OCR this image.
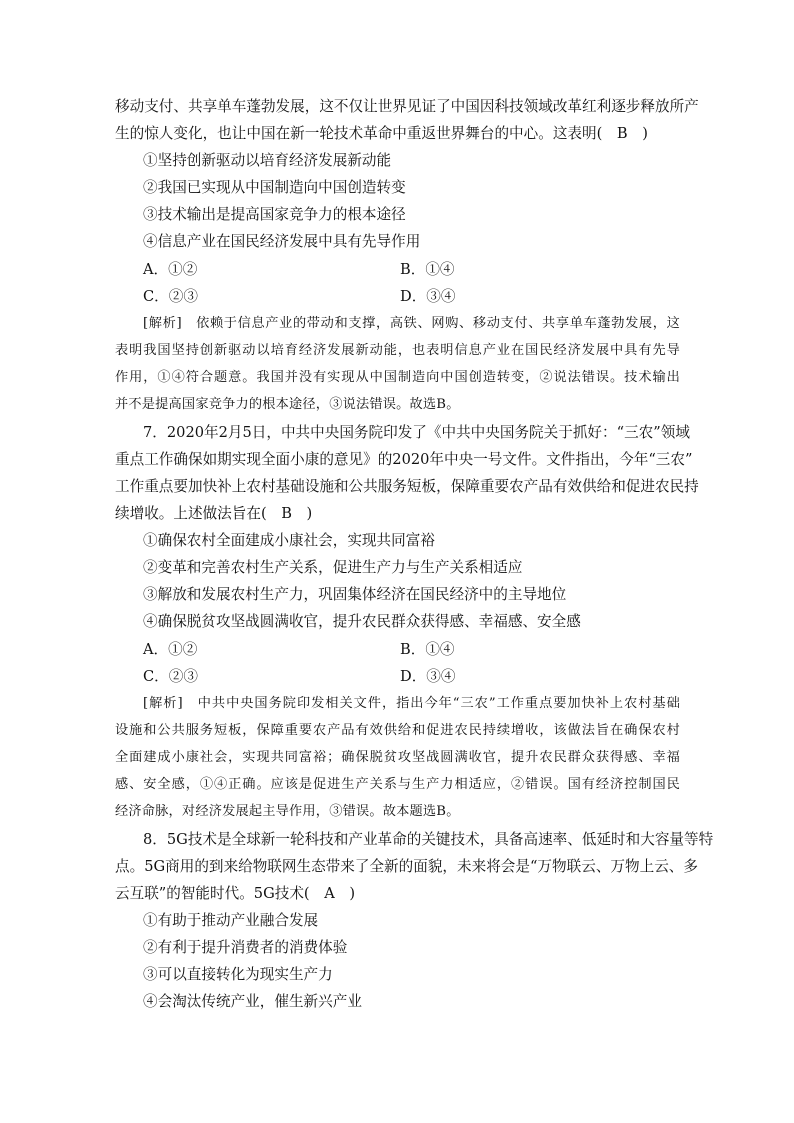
移动支付、共享单车蓬勃发展，这不仅让世界见证了中国因科技领域改革红利逐步释放所产
生的惊人变化，也让中国在新一轮技术革命中重返世界舞台的中心。这表明(　B　)
①坚持创新驱动以培育经济发展新动能
②我国已实现从中国制造向中国创造转变
③技术输出是提高国家竞争力的根本途径
④信息产业在国民经济发展中具有先导作用
A．①②	B．①④
C．②③	D．③④
[解析]　依赖于信息产业的带动和支撑，高铁、网购、移动支付、共享单车蓬勃发展，这
表明我国坚持创新驱动以培育经济发展新动能，也表明信息产业在国民经济发展中具有先导
作用，①④符合题意。我国并没有实现从中国制造向中国创造转变，②说法错误。技术输出
并不是提高国家竞争力的根本途径，③说法错误。故选B。
7．2020年2月5日，中共中央国务院印发了《中共中央国务院关于抓好：“三农”领域
重点工作确保如期实现全面小康的意见》的2020年中央一号文件。文件指出，今年“三农”
工作重点要加快补上农村基础设施和公共服务短板，保障重要农产品有效供给和促进农民持
续增收。上述做法旨在(　B　)
①确保农村全面建成小康社会，实现共同富裕
②变革和完善农村生产关系，促进生产力与生产关系相适应
③解放和发展农村生产力，巩固集体经济在国民经济中的主导地位
④确保脱贫攻坚战圆满收官，提升农民群众获得感、幸福感、安全感
A．①②	B．①④
C．②③	D．③④
[解析]　中共中央国务院印发相关文件，指出今年“三农”工作重点要加快补上农村基础
设施和公共服务短板，保障重要农产品有效供给和促进农民持续增收，该做法旨在确保农村
全面建成小康社会，实现共同富裕；确保脱贫攻坚战圆满收官，提升农民群众获得感、幸福
感、安全感，①④正确。应该是促进生产关系与生产力相适应，②错误。国有经济控制国民
经济命脉，对经济发展起主导作用，③错误。故本题选B。
8．5G技术是全球新一轮科技和产业革命的关键技术，具备高速率、低延时和大容量等特
点。5G商用的到来给物联网生态带来了全新的面貌，未来将会是“万物联云、万物上云、多
云互联”的智能时代。5G技术(　A　)
①有助于推动产业融合发展
②有利于提升消费者的消费体验
③可以直接转化为现实生产力
④会淘汰传统产业，催生新兴产业
